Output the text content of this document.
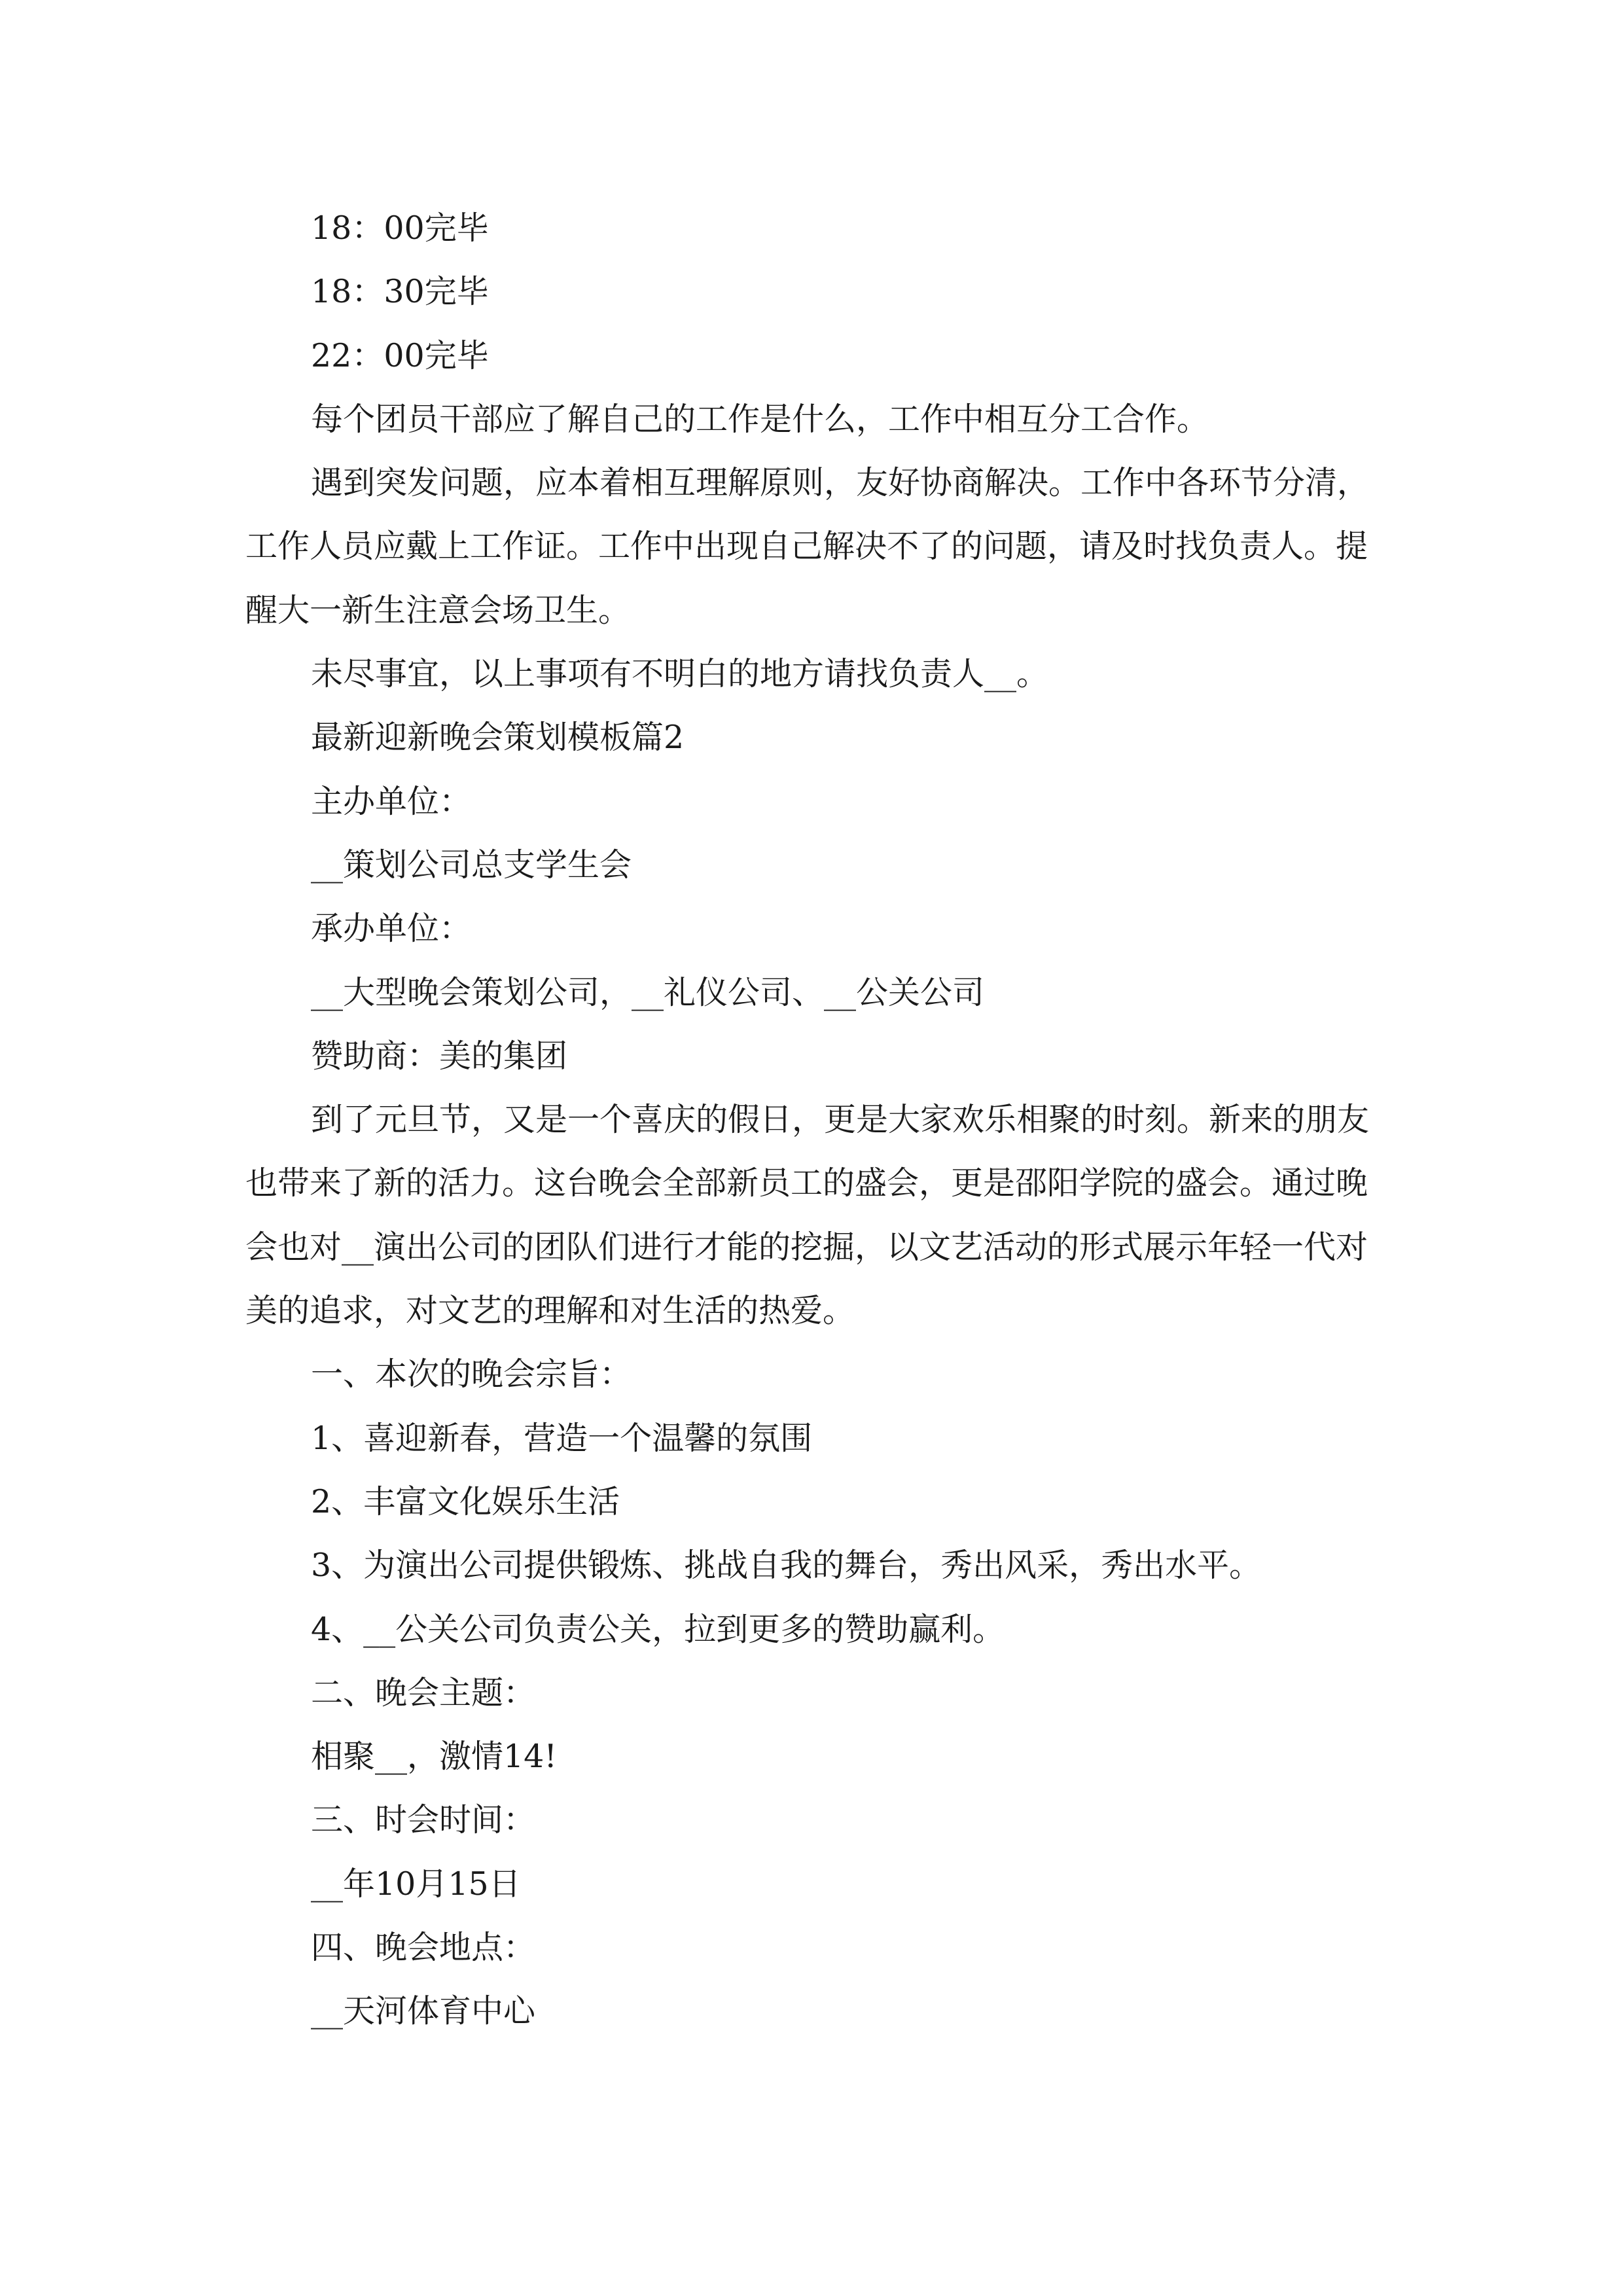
18：00完毕

18：30完毕

22：00完毕

每个团员干部应了解自己的工作是什么，工作中相互分工合作。

遇到突发问题，应本着相互理解原则，友好协商解决。工作中各环节分清，工作人员应戴上工作证。工作中出现自己解决不了的问题，请及时找负责人。提醒大一新生注意会场卫生。

未尽事宜，以上事项有不明白的地方请找负责人__。

最新迎新晚会策划模板篇2

主办单位：

__策划公司总支学生会

承办单位：

__大型晚会策划公司，__礼仪公司、__公关公司

赞助商：美的集团

到了元旦节，又是一个喜庆的假日，更是大家欢乐相聚的时刻。新来的朋友也带来了新的活力。这台晚会全部新员工的盛会，更是邵阳学院的盛会。通过晚会也对__演出公司的团队们进行才能的挖掘，以文艺活动的形式展示年轻一代对美的追求，对文艺的理解和对生活的热爱。

一、本次的晚会宗旨：

1、喜迎新春，营造一个温馨的氛围

2、丰富文化娱乐生活

3、为演出公司提供锻炼、挑战自我的舞台，秀出风采，秀出水平。

4、__公关公司负责公关，拉到更多的赞助赢利。

二、晚会主题：

相聚__，激情14!

三、时会时间：

__年10月15日

四、晚会地点：

__天河体育中心
